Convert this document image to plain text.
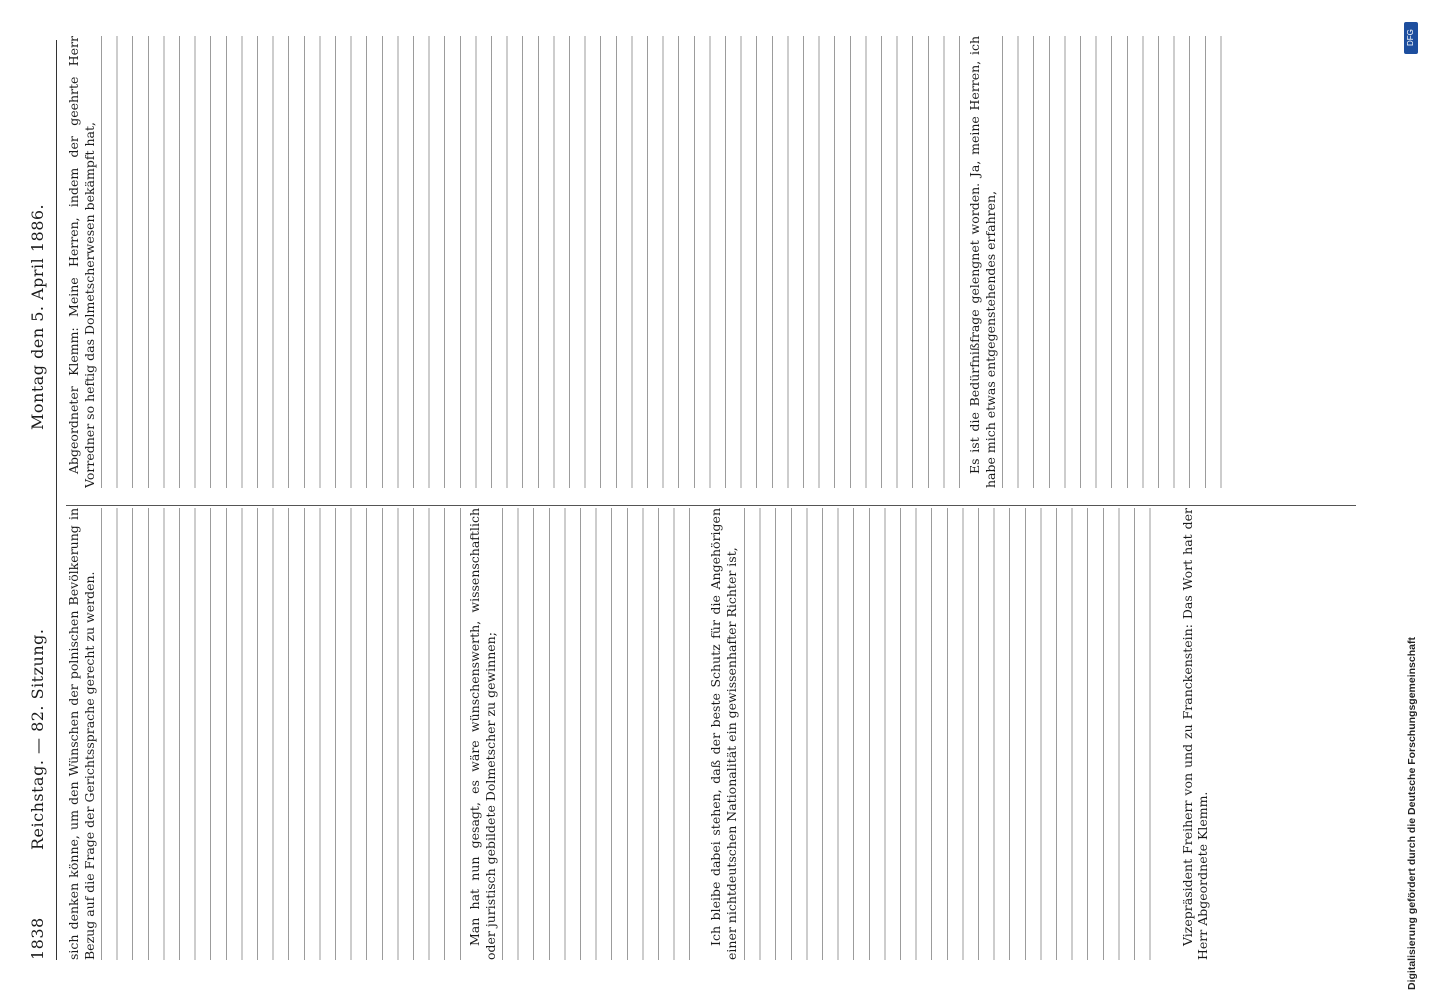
1838
Reichstag. — 82. Sitzung.
Montag den 5. April 1886.

sich denken könne, um den Wünschen der polnischen Bevölkerung in Bezug auf die Frage der Gerichtssprache gerecht zu werden.	Man hat nun gesagt, es wäre wünschenswerth, wissenschaftlich oder juristisch gebildete Dolmetscher zu gewinnen;	Ich bleibe dabei stehen, daß der beste Schutz für die Angehörigen einer nichtdeutschen Nationalität ein gewissenhafter Richter ist,	Vizepräsident Freiherr von und zu Franckenstein: Das Wort hat der Herr Abgeordnete Klemm.

Abgeordneter Klemm: Meine Herren, indem der geehrte Herr Vorredner so heftig das Dolmetscherwesen bekämpft hat,	Es ist die Bedürfnißfrage gelengnet worden. Ja, meine Herren, ich habe mich etwas entgegenstehendes erfahren,

DFG
Digitalisierung gefördert durch die Deutsche Forschungsgemeinschaft
